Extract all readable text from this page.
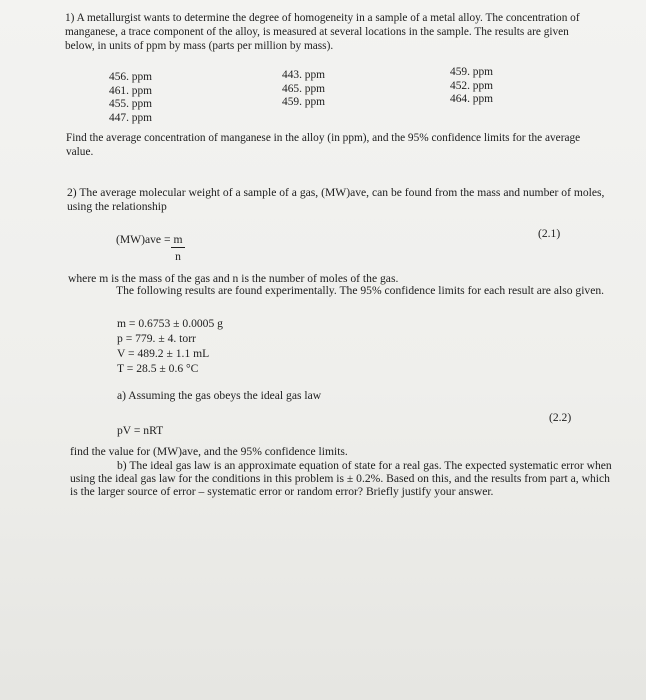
1) A metallurgist wants to determine the degree of homogeneity in a sample of a metal alloy. The concentration of
manganese, a trace component of the alloy, is measured at several locations in the sample. The results are given
below, in units of ppm by mass (parts per million by mass).
456. ppm
461. ppm
455. ppm
447. ppm
443. ppm
465. ppm
459. ppm
459. ppm
452. ppm
464. ppm
Find the average concentration of manganese in the alloy (in ppm), and the 95% confidence limits for the average
value.
2) The average molecular weight of a sample of a gas, (MW)ave, can be found from the mass and number of moles,
using the relationship
(MW)ave = m
n
(2.1)
where m is the mass of the gas and n is the number of moles of the gas.
The following results are found experimentally. The 95% confidence limits for each result are also given.
m = 0.6753 ± 0.0005 g
p = 779. ± 4. torr
V = 489.2 ± 1.1 mL
T = 28.5 ± 0.6 °C
a) Assuming the gas obeys the ideal gas law
pV = nRT
(2.2)
find the value for (MW)ave, and the 95% confidence limits.
b) The ideal gas law is an approximate equation of state for a real gas. The expected systematic error when
using the ideal gas law for the conditions in this problem is ± 0.2%. Based on this, and the results from part a, which
is the larger source of error – systematic error or random error? Briefly justify your answer.
